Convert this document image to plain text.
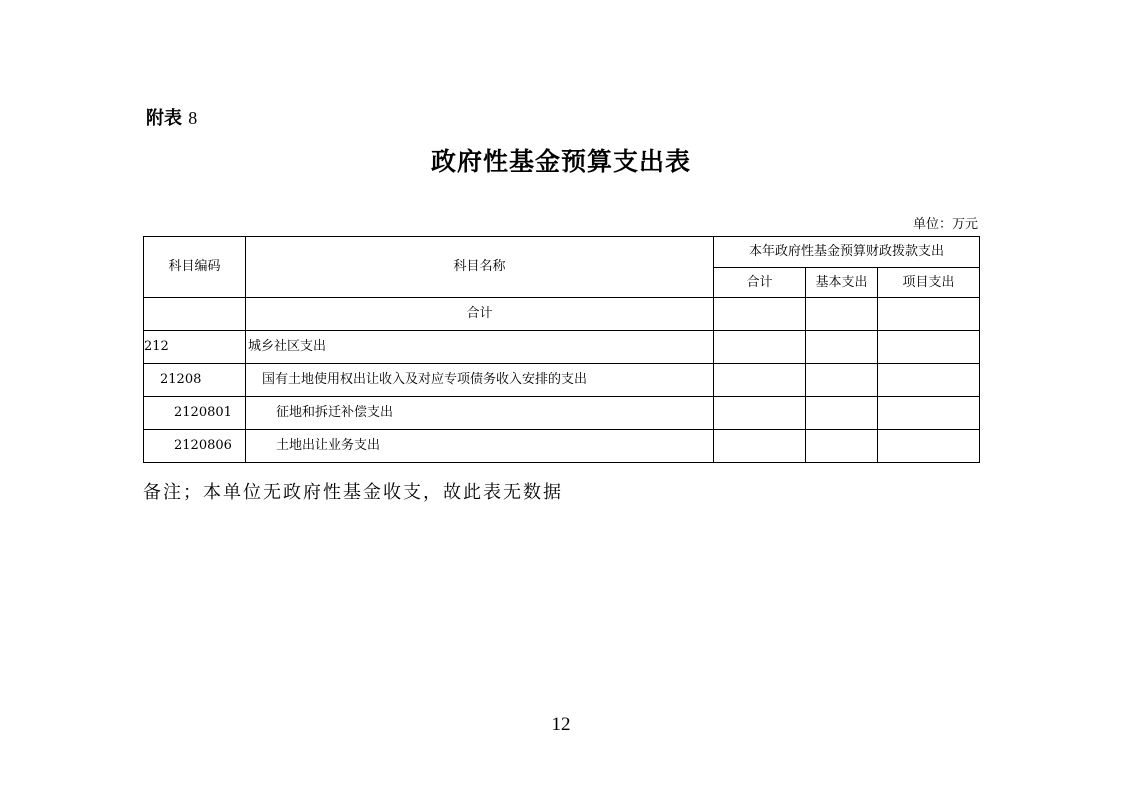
附表 8
政府性基金预算支出表
单位：万元
科目编码	科目名称	本年政府性基金预算财政拨款支出		
		合计	基本支出	项目支出
	合计			
212	城乡社区支出			
21208	国有土地使用权出让收入及对应专项债务收入安排的支出			
2120801	征地和拆迁补偿支出			
2120806	土地出让业务支出			
备注；本单位无政府性基金收支，故此表无数据
12
